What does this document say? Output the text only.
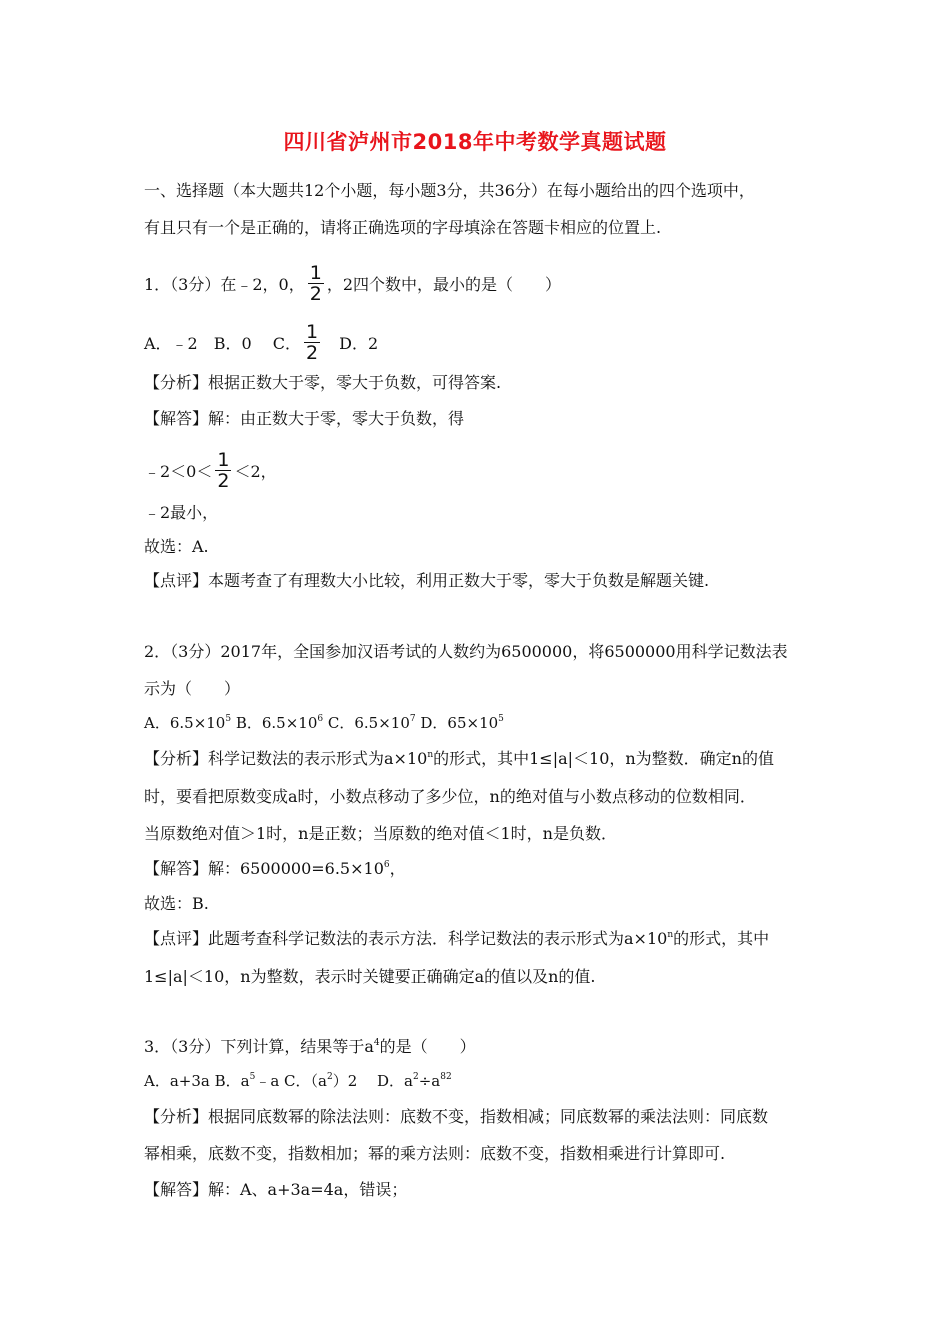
四川省泸州市2018年中考数学真题试题
一、选择题（本大题共12个小题，每小题3分，共36分）在每小题给出的四个选项中，
有且只有一个是正确的，请将正确选项的字母填涂在答题卡相应的位置上.
1．（3分）在﹣2，0， $\frac{1}{2}$ ，2四个数中，最小的是（　　）
A．﹣2　B．0　 C． $\frac{1}{2}$ 　D．2
【分析】根据正数大于零，零大于负数，可得答案.
【解答】解：由正数大于零，零大于负数，得
﹣2＜0＜ $\frac{1}{2} <2$，
﹣2最小，
故选：A.
【点评】本题考查了有理数大小比较，利用正数大于零，零大于负数是解题关键.
2．（3分）2017年，全国参加汉语考试的人数约为6500000，将6500000用科学记数法表
示为（　　）
A．$6.5\times 10^5$ B．$6.5\times 10^6$ C．$6.5\times 10^7$ D．$65\times 10^5$
【分析】科学记数法的表示形式为$a\times 10^n$的形式，其中1≤|a|＜10，n为整数．确定n的值
时，要看把原数变成a时，小数点移动了多少位，n的绝对值与小数点移动的位数相同．
当原数绝对值＞1时，n是正数；当原数的绝对值＜1时，n是负数．
【解答】解：$6500000=6.5\times 10^6$，
故选：B.
【点评】此题考查科学记数法的表示方法．科学记数法的表示形式为$a\times 10^n$的形式，其中
1≤|a|＜10，n为整数，表示时关键要正确确定a的值以及n的值.
3．（3分）下列计算，结果等于$a^4$的是（　　）
A．a+3a B．$a^5﹣a$ C．$(a^2)2$　 D．$a^2\div a^{82}$
【分析】根据同底数幂的除法法则：底数不变，指数相减；同底数幂的乘法法则：同底数
幂相乘，底数不变，指数相加；幂的乘方法则：底数不变，指数相乘进行计算即可.
【解答】解：A、a+3a=4a，错误；
